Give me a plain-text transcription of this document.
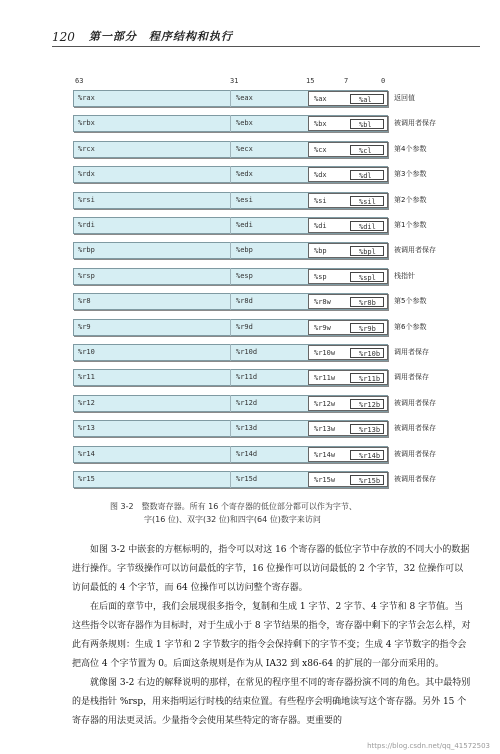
120 第一部分　程序结构和执行
63	31	15	7	0
%rax	%eax	%ax	%al	返回值
%rbx	%ebx	%bx	%bl	被调用者保存
%rcx	%ecx	%cx	%cl	第4个参数
%rdx	%edx	%dx	%dl	第3个参数
%rsi	%esi	%si	%sil	第2个参数
%rdi	%edi	%di	%dil	第1个参数
%rbp	%ebp	%bp	%bpl	被调用者保存
%rsp	%esp	%sp	%spl	栈指针
%r8	%r8d	%r8w	%r8b	第5个参数
%r9	%r9d	%r9w	%r9b	第6个参数
%r10	%r10d	%r10w	%r10b	调用者保存
%r11	%r11d	%r11w	%r11b	调用者保存
%r12	%r12d	%r12w	%r12b	被调用者保存
%r13	%r13d	%r13w	%r13b	被调用者保存
%r14	%r14d	%r14w	%r14b	被调用者保存
%r15	%r15d	%r15w	%r15b	被调用者保存
图 3-2 整数寄存器。所有 16 个寄存器的低位部分都可以作为字节、
字(16 位)、双字(32 位)和四字(64 位)数字来访问

如图 3-2 中嵌套的方框标明的，指令可以对这 16 个寄存器的低位字节中存放的不同大小的数据进行操作。字节级操作可以访问最低的字节，16 位操作可以访问最低的 2 个字节，32 位操作可以访问最低的 4 个字节，而 64 位操作可以访问整个寄存器。

在后面的章节中，我们会展现很多指令，复制和生成 1 字节、2 字节、4 字节和 8 字节值。当这些指令以寄存器作为目标时，对于生成小于 8 字节结果的指令，寄存器中剩下的字节会怎么样，对此有两条规则：生成 1 字节和 2 字节数字的指令会保持剩下的字节不变；生成 4 字节数字的指令会把高位 4 个字节置为 0。后面这条规则是作为从 IA32 到 x86-64 的扩展的一部分而采用的。

就像图 3-2 右边的解释说明的那样，在常见的程序里不同的寄存器扮演不同的角色。其中最特别的是栈指针 %rsp，用来指明运行时栈的结束位置。有些程序会明确地读写这个寄存器。另外 15 个寄存器的用法更灵活。少量指令会使用某些特定的寄存器。更重要的

https://blog.csdn.net/qq_41572503
